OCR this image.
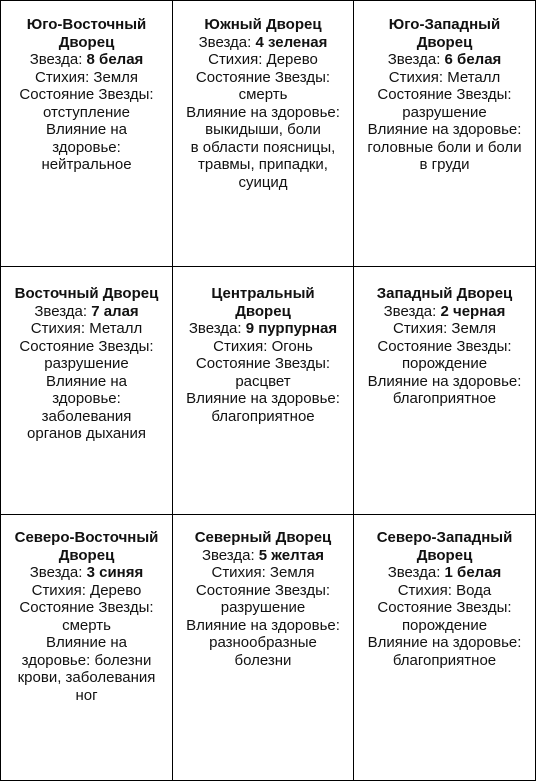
Юго-Восточный
Дворец
Звезда: 8 белая
Стихия: Земля
Состояние Звезды:
отступление
Влияние на
здоровье:
нейтральное
Южный Дворец
Звезда: 4 зеленая
Стихия: Дерево
Состояние Звезды:
смерть
Влияние на здоровье:
выкидыши, боли
в области поясницы,
травмы, припадки,
суицид
Юго-Западный
Дворец
Звезда: 6 белая
Стихия: Металл
Состояние Звезды:
разрушение
Влияние на здоровье:
головные боли и боли
в груди
Восточный Дворец
Звезда: 7 алая
Стихия: Металл
Состояние Звезды:
разрушение
Влияние на
здоровье:
заболевания
органов дыхания
Центральный
Дворец
Звезда: 9 пурпурная
Стихия: Огонь
Состояние Звезды:
расцвет
Влияние на здоровье:
благоприятное
Западный Дворец
Звезда: 2 черная
Стихия: Земля
Состояние Звезды:
порождение
Влияние на здоровье:
благоприятное
Северо-Восточный
Дворец
Звезда: 3 синяя
Стихия: Дерево
Состояние Звезды:
смерть
Влияние на
здоровье: болезни
крови, заболевания
ног
Северный Дворец
Звезда: 5 желтая
Стихия: Земля
Состояние Звезды:
разрушение
Влияние на здоровье:
разнообразные
болезни
Северо-Западный
Дворец
Звезда: 1 белая
Стихия: Вода
Состояние Звезды:
порождение
Влияние на здоровье:
благоприятное
